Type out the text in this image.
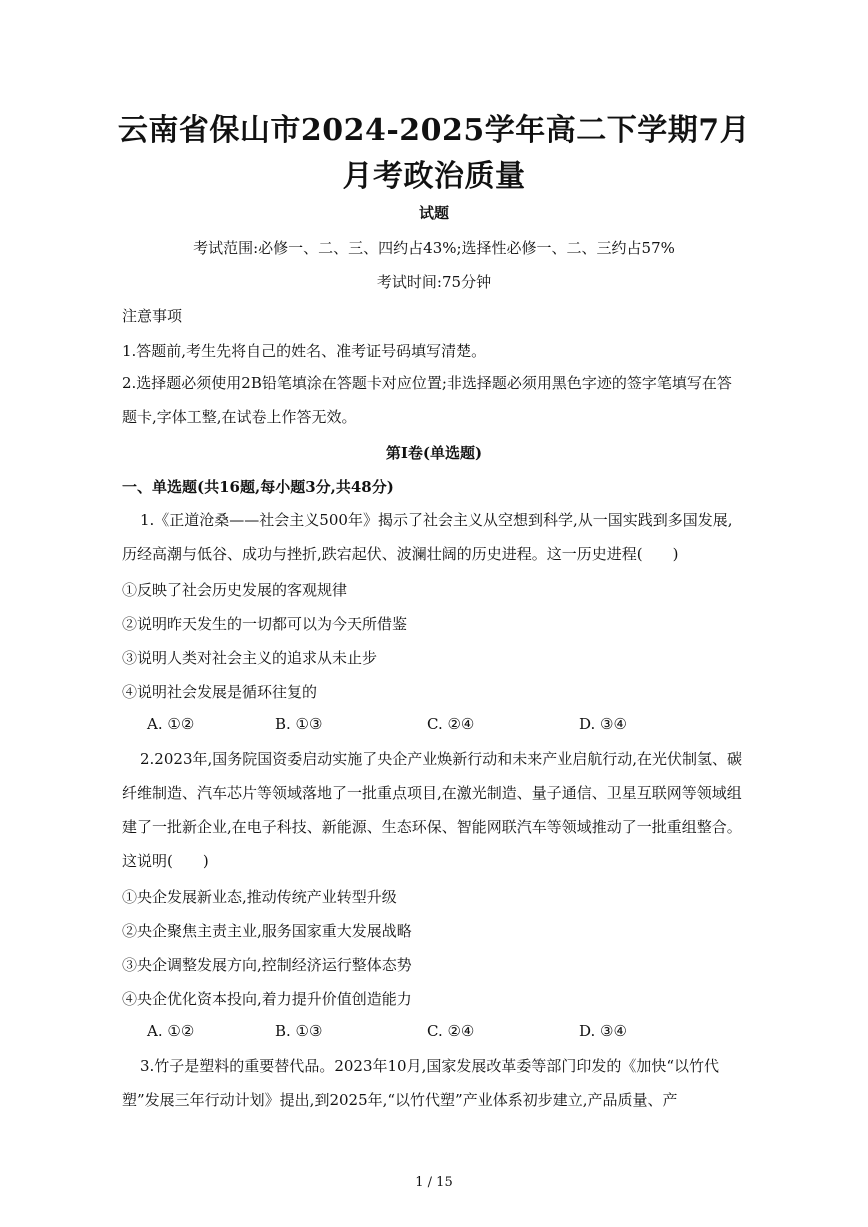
云南省保山市2024-2025学年高二下学期7月月考政治质量
试题
考试范围:必修一、二、三、四约占43%;选择性必修一、二、三约占57%
考试时间:75分钟
注意事项
1.答题前,考生先将自己的姓名、准考证号码填写清楚。
2.选择题必须使用2B铅笔填涂在答题卡对应位置;非选择题必须用黑色字迹的签字笔填写在答题卡,字体工整,在试卷上作答无效。
第I卷(单选题)
一、单选题(共16题,每小题3分,共48分)
1.《正道沧桑——社会主义500年》揭示了社会主义从空想到科学,从一国实践到多国发展,历经高潮与低谷、成功与挫折,跌宕起伏、波澜壮阔的历史进程。这一历史进程(　　)
①反映了社会历史发展的客观规律
②说明昨天发生的一切都可以为今天所借鉴
③说明人类对社会主义的追求从未止步
④说明社会发展是循环往复的
A. ①②	B. ①③	C. ②④	D. ③④
2.2023年,国务院国资委启动实施了央企产业焕新行动和未来产业启航行动,在光伏制氢、碳纤维制造、汽车芯片等领域落地了一批重点项目,在激光制造、量子通信、卫星互联网等领域组建了一批新企业,在电子科技、新能源、生态环保、智能网联汽车等领域推动了一批重组整合。这说明(　　)
①央企发展新业态,推动传统产业转型升级
②央企聚焦主责主业,服务国家重大发展战略
③央企调整发展方向,控制经济运行整体态势
④央企优化资本投向,着力提升价值创造能力
A. ①②	B. ①③	C. ②④	D. ③④
3.竹子是塑料的重要替代品。2023年10月,国家发展改革委等部门印发的《加快“以竹代塑”发展三年行动计划》提出,到2025年,“以竹代塑”产业体系初步建立,产品质量、产
1 / 15
